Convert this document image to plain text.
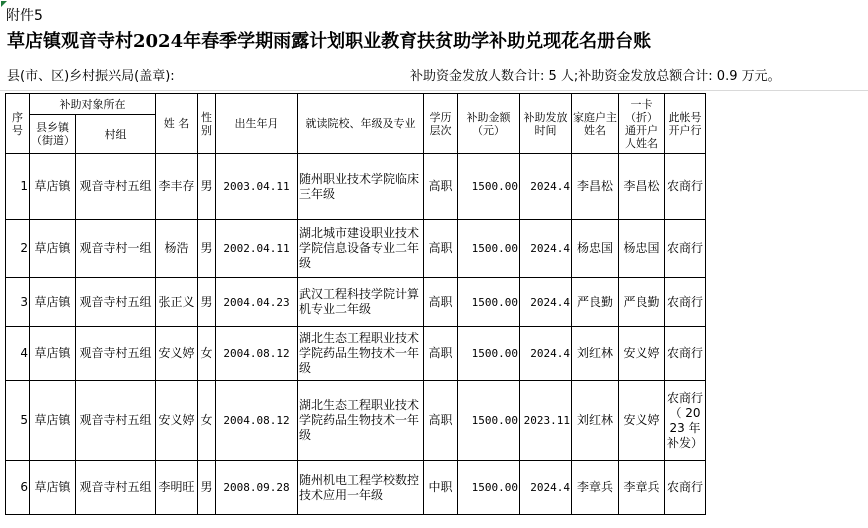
附件5
草店镇观音寺村2024年春季学期雨露计划职业教育扶贫助学补助兑现花名册台账
县(市、区)乡村振兴局(盖章):	补助资金发放人数合计: 5 人;补助资金发放总额合计: 0.9 万元。
序号	补助对象所在		姓 名	性别	出生年月	就读院校、年级及专业	学历层次	补助金额（元）	补助发放时间	家庭户主姓名	一卡（折）通开户人姓名	此帐号开户行
	县乡镇（街道）	村组										
1	草店镇	观音寺村五组	李丰存	男	2003.04.11	随州职业技术学院临床三年级	高职	1500.00	2024.4	李昌松	李昌松	农商行
2	草店镇	观音寺村一组	杨浩	男	2002.04.11	湖北城市建设职业技术学院信息设备专业二年级	高职	1500.00	2024.4	杨忠国	杨忠国	农商行
3	草店镇	观音寺村五组	张正义	男	2004.04.23	武汉工程科技学院计算机专业二年级	高职	1500.00	2024.4	严良勤	严良勤	农商行
4	草店镇	观音寺村五组	安义婷	女	2004.08.12	湖北生态工程职业技术学院药品生物技术一年级	高职	1500.00	2024.4	刘红林	安义婷	农商行
5	草店镇	观音寺村五组	安义婷	女	2004.08.12	湖北生态工程职业技术学院药品生物技术一年级	高职	1500.00	2023.11	刘红林	安义婷	农商行（ 2023 年 补发）
6	草店镇	观音寺村五组	李明旺	男	2008.09.28	随州机电工程学校数控技术应用一年级	中职	1500.00	2024.4	李章兵	李章兵	农商行
